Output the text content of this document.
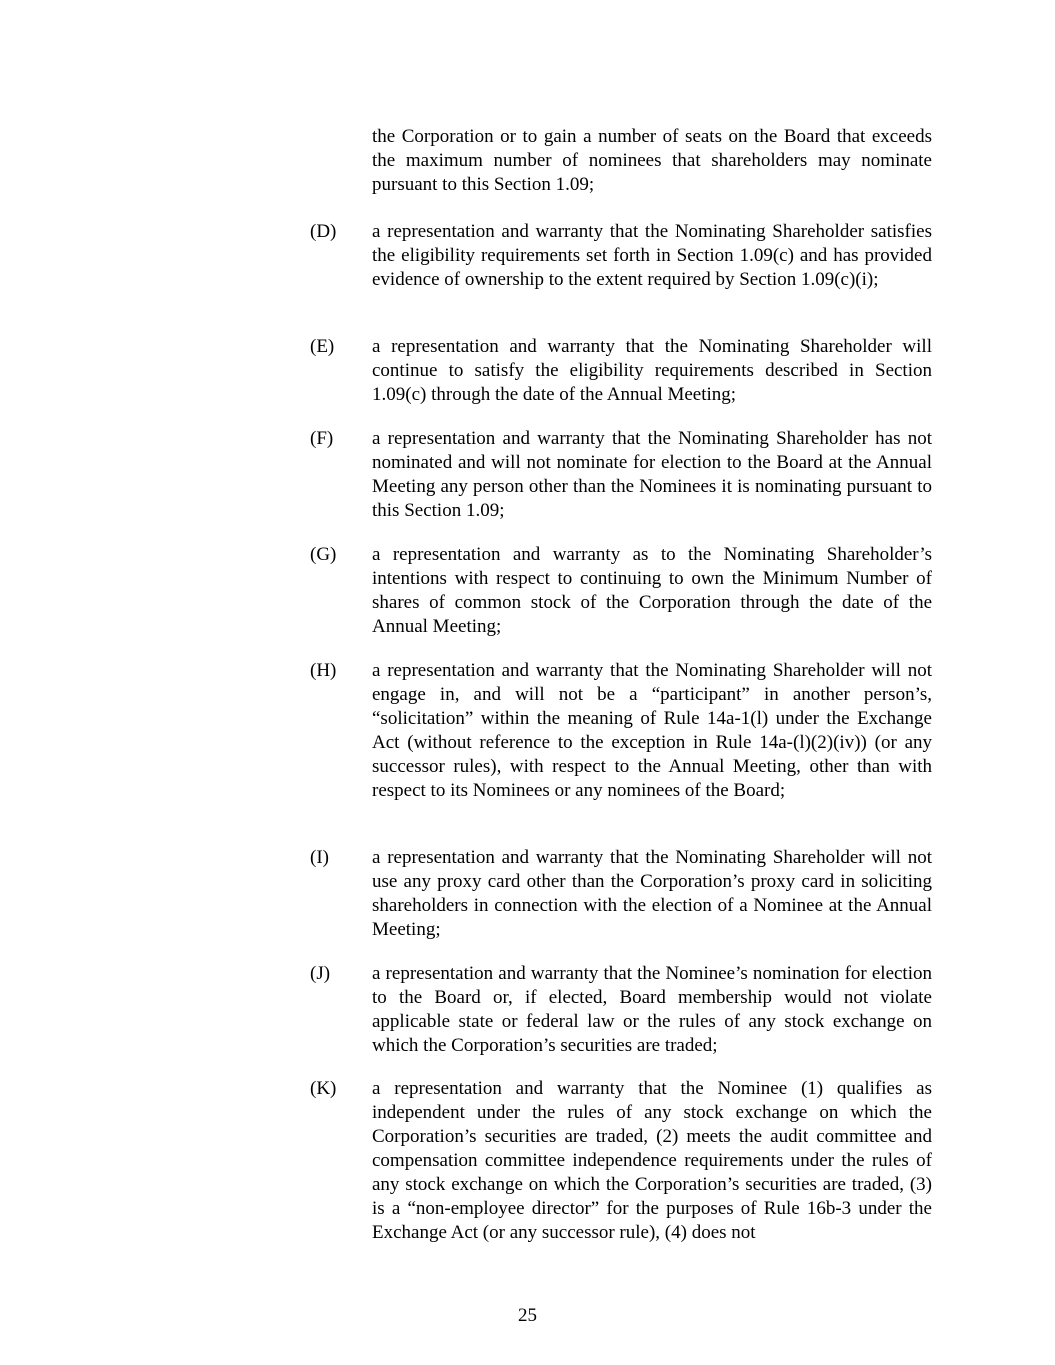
the Corporation or to gain a number of seats on the Board that exceeds the maximum number of nominees that shareholders may nominate pursuant to this Section 1.09;

(D) a representation and warranty that the Nominating Shareholder satisfies the eligibility requirements set forth in Section 1.09(c) and has provided evidence of ownership to the extent required by Section 1.09(c)(i);

(E) a representation and warranty that the Nominating Shareholder will continue to satisfy the eligibility requirements described in Section 1.09(c) through the date of the Annual Meeting;

(F) a representation and warranty that the Nominating Shareholder has not nominated and will not nominate for election to the Board at the Annual Meeting any person other than the Nominees it is nominating pursuant to this Section 1.09;

(G) a representation and warranty as to the Nominating Shareholder’s intentions with respect to continuing to own the Minimum Number of shares of common stock of the Corporation through the date of the Annual Meeting;

(H) a representation and warranty that the Nominating Shareholder will not engage in, and will not be a “participant” in another person’s, “solicitation” within the meaning of Rule 14a-1(l) under the Exchange Act (without reference to the exception in Rule 14a-(l)(2)(iv)) (or any successor rules), with respect to the Annual Meeting, other than with respect to its Nominees or any nominees of the Board;

(I) a representation and warranty that the Nominating Shareholder will not use any proxy card other than the Corporation’s proxy card in soliciting shareholders in connection with the election of a Nominee at the Annual Meeting;

(J) a representation and warranty that the Nominee’s nomination for election to the Board or, if elected, Board membership would not violate applicable state or federal law or the rules of any stock exchange on which the Corporation’s securities are traded;

(K) a representation and warranty that the Nominee (1) qualifies as independent under the rules of any stock exchange on which the Corporation’s securities are traded, (2) meets the audit committee and compensation committee independence requirements under the rules of any stock exchange on which the Corporation’s securities are traded, (3) is a “non-employee director” for the purposes of Rule 16b-3 under the Exchange Act (or any successor rule), (4) does not

25
